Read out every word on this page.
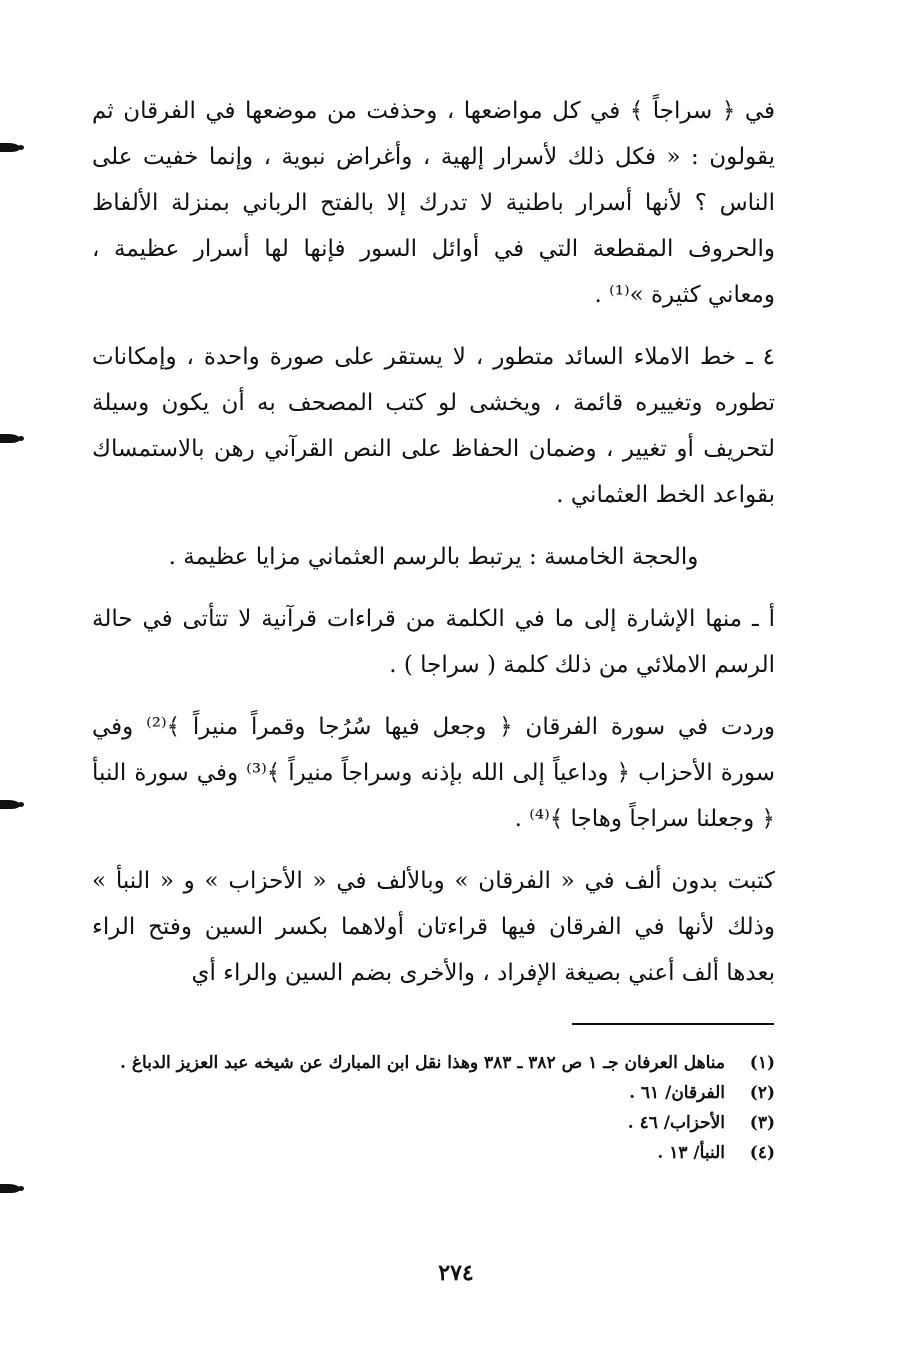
في ﴿ سراجاً ﴾ في كل مواضعها ، وحذفت من موضعها في الفرقان ثم يقولون : « فكل ذلك لأسرار إلهية ، وأغراض نبوية ، وإنما خفيت على الناس ؟ لأنها أسرار باطنية لا تدرك إلا بالفتح الرباني بمنزلة الألفاظ والحروف المقطعة التي في أوائل السور فإنها لها أسرار عظيمة ، ومعاني كثيرة »⁽¹⁾ .

٤ ـ خط الاملاء السائد متطور ، لا يستقر على صورة واحدة ، وإمكانات تطوره وتغييره قائمة ، ويخشى لو كتب المصحف به أن يكون وسيلة لتحريف أو تغيير ، وضمان الحفاظ على النص القرآني رهن بالاستمساك بقواعد الخط العثماني .

والحجة الخامسة : يرتبط بالرسم العثماني مزايا عظيمة .

أ ـ منها الإشارة إلى ما في الكلمة من قراءات قرآنية لا تتأتى في حالة الرسم الاملائي من ذلك كلمة ( سراجا ) .

وردت في سورة الفرقان ﴿ وجعل فيها سُرُجا وقمراً منيراً ﴾⁽²⁾ وفي سورة الأحزاب ﴿ وداعياً إلى الله بإذنه وسراجاً منيراً ﴾⁽³⁾ وفي سورة النبأ ﴿ وجعلنا سراجاً وهاجا ﴾⁽⁴⁾ .

كتبت بدون ألف في « الفرقان » وبالألف في « الأحزاب » و « النبأ » وذلك لأنها في الفرقان فيها قراءتان أولاهما بكسر السين وفتح الراء بعدها ألف أعني بصيغة الإفراد ، والأخرى بضم السين والراء أي

(١)
مناهل العرفان جـ ١ ص ٣٨٢ ـ ٣٨٣ وهذا نقل ابن المبارك عن شيخه عبد العزيز الدباغ .
(٢)
الفرقان/ ٦١ .
(٣)
الأحزاب/ ٤٦ .
(٤)
النبأ/ ١٣ .
٢٧٤
